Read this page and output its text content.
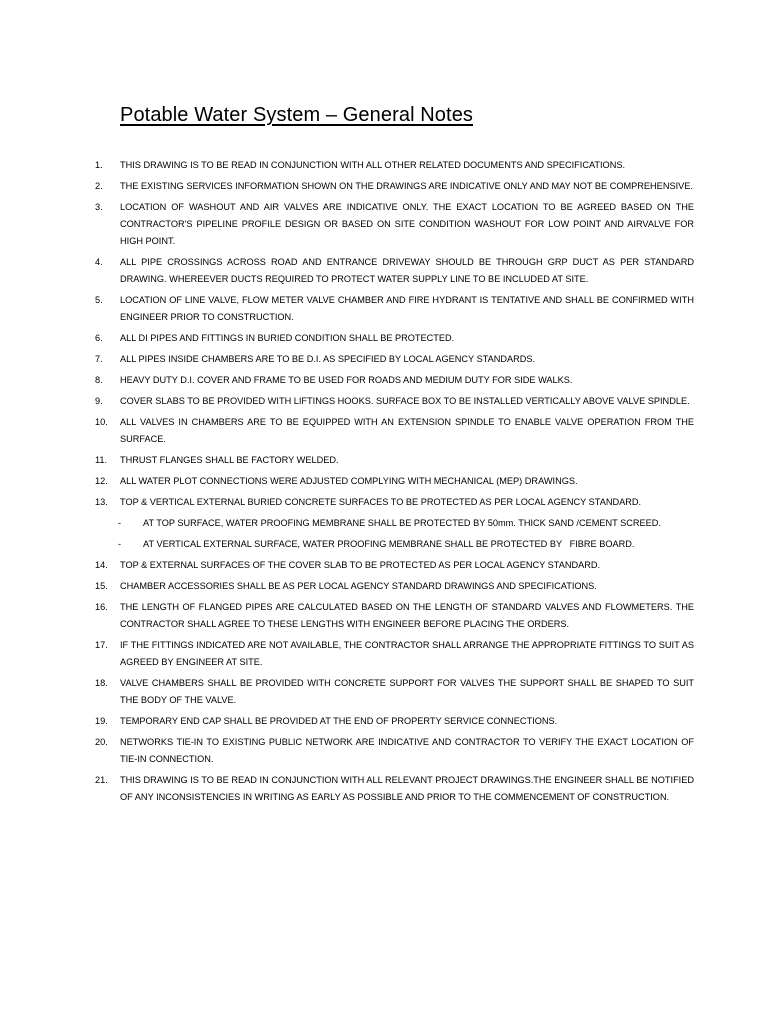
Potable Water System – General Notes
1. THIS DRAWING IS TO BE READ IN CONJUNCTION WITH ALL OTHER RELATED DOCUMENTS AND SPECIFICATIONS.
2. THE EXISTING SERVICES INFORMATION SHOWN ON THE DRAWINGS ARE INDICATIVE ONLY AND MAY NOT BE COMPREHENSIVE.
3. LOCATION OF WASHOUT AND AIR VALVES ARE INDICATIVE ONLY. THE EXACT LOCATION TO BE AGREED BASED ON THE CONTRACTOR'S PIPELINE PROFILE DESIGN OR BASED ON SITE CONDITION WASHOUT FOR LOW POINT AND AIRVALVE FOR HIGH POINT.
4. ALL PIPE CROSSINGS ACROSS ROAD AND ENTRANCE DRIVEWAY SHOULD BE THROUGH GRP DUCT AS PER STANDARD DRAWING. WHEREEVER DUCTS REQUIRED TO PROTECT WATER SUPPLY LINE TO BE INCLUDED AT SITE.
5. LOCATION OF LINE VALVE, FLOW METER VALVE CHAMBER AND FIRE HYDRANT IS TENTATIVE AND SHALL BE CONFIRMED WITH ENGINEER PRIOR TO CONSTRUCTION.
6. ALL DI PIPES AND FITTINGS IN BURIED CONDITION SHALL BE PROTECTED.
7. ALL PIPES INSIDE CHAMBERS ARE TO BE D.I. AS SPECIFIED BY LOCAL AGENCY STANDARDS.
8. HEAVY DUTY D.I. COVER AND FRAME TO BE USED FOR ROADS AND MEDIUM DUTY FOR SIDE WALKS.
9. COVER SLABS TO BE PROVIDED WITH LIFTINGS HOOKS. SURFACE BOX TO BE INSTALLED VERTICALLY ABOVE VALVE SPINDLE.
10. ALL VALVES IN CHAMBERS ARE TO BE EQUIPPED WITH AN EXTENSION SPINDLE TO ENABLE VALVE OPERATION FROM THE SURFACE.
11. THRUST FLANGES SHALL BE FACTORY WELDED.
12. ALL WATER PLOT CONNECTIONS WERE ADJUSTED COMPLYING WITH MECHANICAL (MEP) DRAWINGS.
13. TOP & VERTICAL EXTERNAL BURIED CONCRETE SURFACES TO BE PROTECTED AS PER LOCAL AGENCY STANDARD.
- AT TOP SURFACE, WATER PROOFING MEMBRANE SHALL BE PROTECTED BY 50mm. THICK SAND /CEMENT SCREED.
- AT VERTICAL EXTERNAL SURFACE, WATER PROOFING MEMBRANE SHALL BE PROTECTED BY   FIBRE BOARD.
14. TOP & EXTERNAL SURFACES OF THE COVER SLAB TO BE PROTECTED AS PER LOCAL AGENCY STANDARD.
15. CHAMBER ACCESSORIES SHALL BE AS PER LOCAL AGENCY STANDARD DRAWINGS AND SPECIFICATIONS.
16. THE LENGTH OF FLANGED PIPES ARE CALCULATED BASED ON THE LENGTH OF STANDARD VALVES AND FLOWMETERS. THE CONTRACTOR SHALL AGREE TO THESE LENGTHS WITH ENGINEER BEFORE PLACING THE ORDERS.
17. IF THE FITTINGS INDICATED ARE NOT AVAILABLE, THE CONTRACTOR SHALL ARRANGE THE APPROPRIATE FITTINGS TO SUIT AS AGREED BY ENGINEER AT SITE.
18. VALVE CHAMBERS SHALL BE PROVIDED WITH CONCRETE SUPPORT FOR VALVES THE SUPPORT SHALL BE SHAPED TO SUIT THE BODY OF THE VALVE.
19. TEMPORARY END CAP SHALL BE PROVIDED AT THE END OF PROPERTY SERVICE CONNECTIONS.
20. NETWORKS TIE-IN TO EXISTING PUBLIC NETWORK ARE INDICATIVE AND CONTRACTOR TO VERIFY THE EXACT LOCATION OF TIE-IN CONNECTION.
21. THIS DRAWING IS TO BE READ IN CONJUNCTION WITH ALL RELEVANT PROJECT DRAWINGS.THE ENGINEER SHALL BE NOTIFIED OF ANY INCONSISTENCIES IN WRITING AS EARLY AS POSSIBLE AND PRIOR TO THE COMMENCEMENT OF CONSTRUCTION.
